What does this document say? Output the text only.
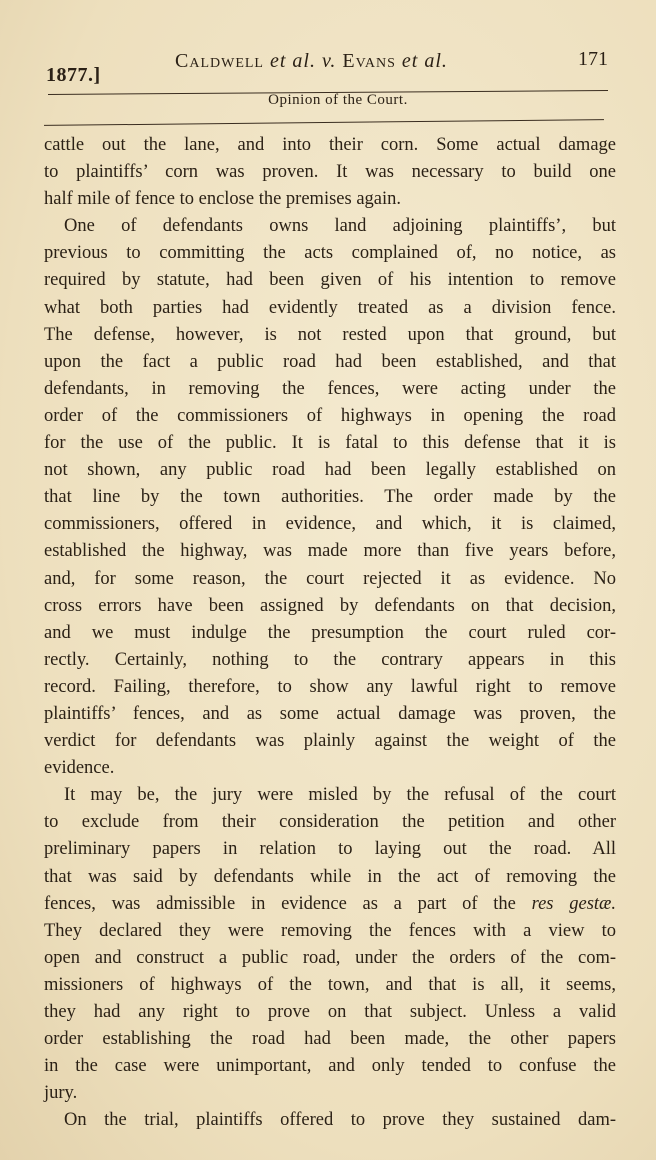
1877.]
Caldwell et al. v. Evans et al.	171
Opinion of the Court.
cattle out the lane, and into their corn. Some actual damage
to plaintiffs’ corn was proven. It was necessary to build one
half mile of fence to enclose the premises again.
One of defendants owns land adjoining plaintiffs’, but
previous to committing the acts complained of, no notice, as
required by statute, had been given of his intention to remove
what both parties had evidently treated as a division fence.
The defense, however, is not rested upon that ground, but
upon the fact a public road had been established, and that
defendants, in removing the fences, were acting under the
order of the commissioners of highways in opening the road
for the use of the public. It is fatal to this defense that it is
not shown, any public road had been legally established on
that line by the town authorities. The order made by the
commissioners, offered in evidence, and which, it is claimed,
established the highway, was made more than five years before,
and, for some reason, the court rejected it as evidence. No
cross errors have been assigned by defendants on that decision,
and we must indulge the presumption the court ruled cor-
rectly. Certainly, nothing to the contrary appears in this
record. Failing, therefore, to show any lawful right to remove
plaintiffs’ fences, and as some actual damage was proven, the
verdict for defendants was plainly against the weight of the
evidence.
It may be, the jury were misled by the refusal of the court
to exclude from their consideration the petition and other
preliminary papers in relation to laying out the road. All
that was said by defendants while in the act of removing the
fences, was admissible in evidence as a part of the res gestæ.
They declared they were removing the fences with a view to
open and construct a public road, under the orders of the com-
missioners of highways of the town, and that is all, it seems,
they had any right to prove on that subject. Unless a valid
order establishing the road had been made, the other papers
in the case were unimportant, and only tended to confuse the
jury.
On the trial, plaintiffs offered to prove they sustained dam-
